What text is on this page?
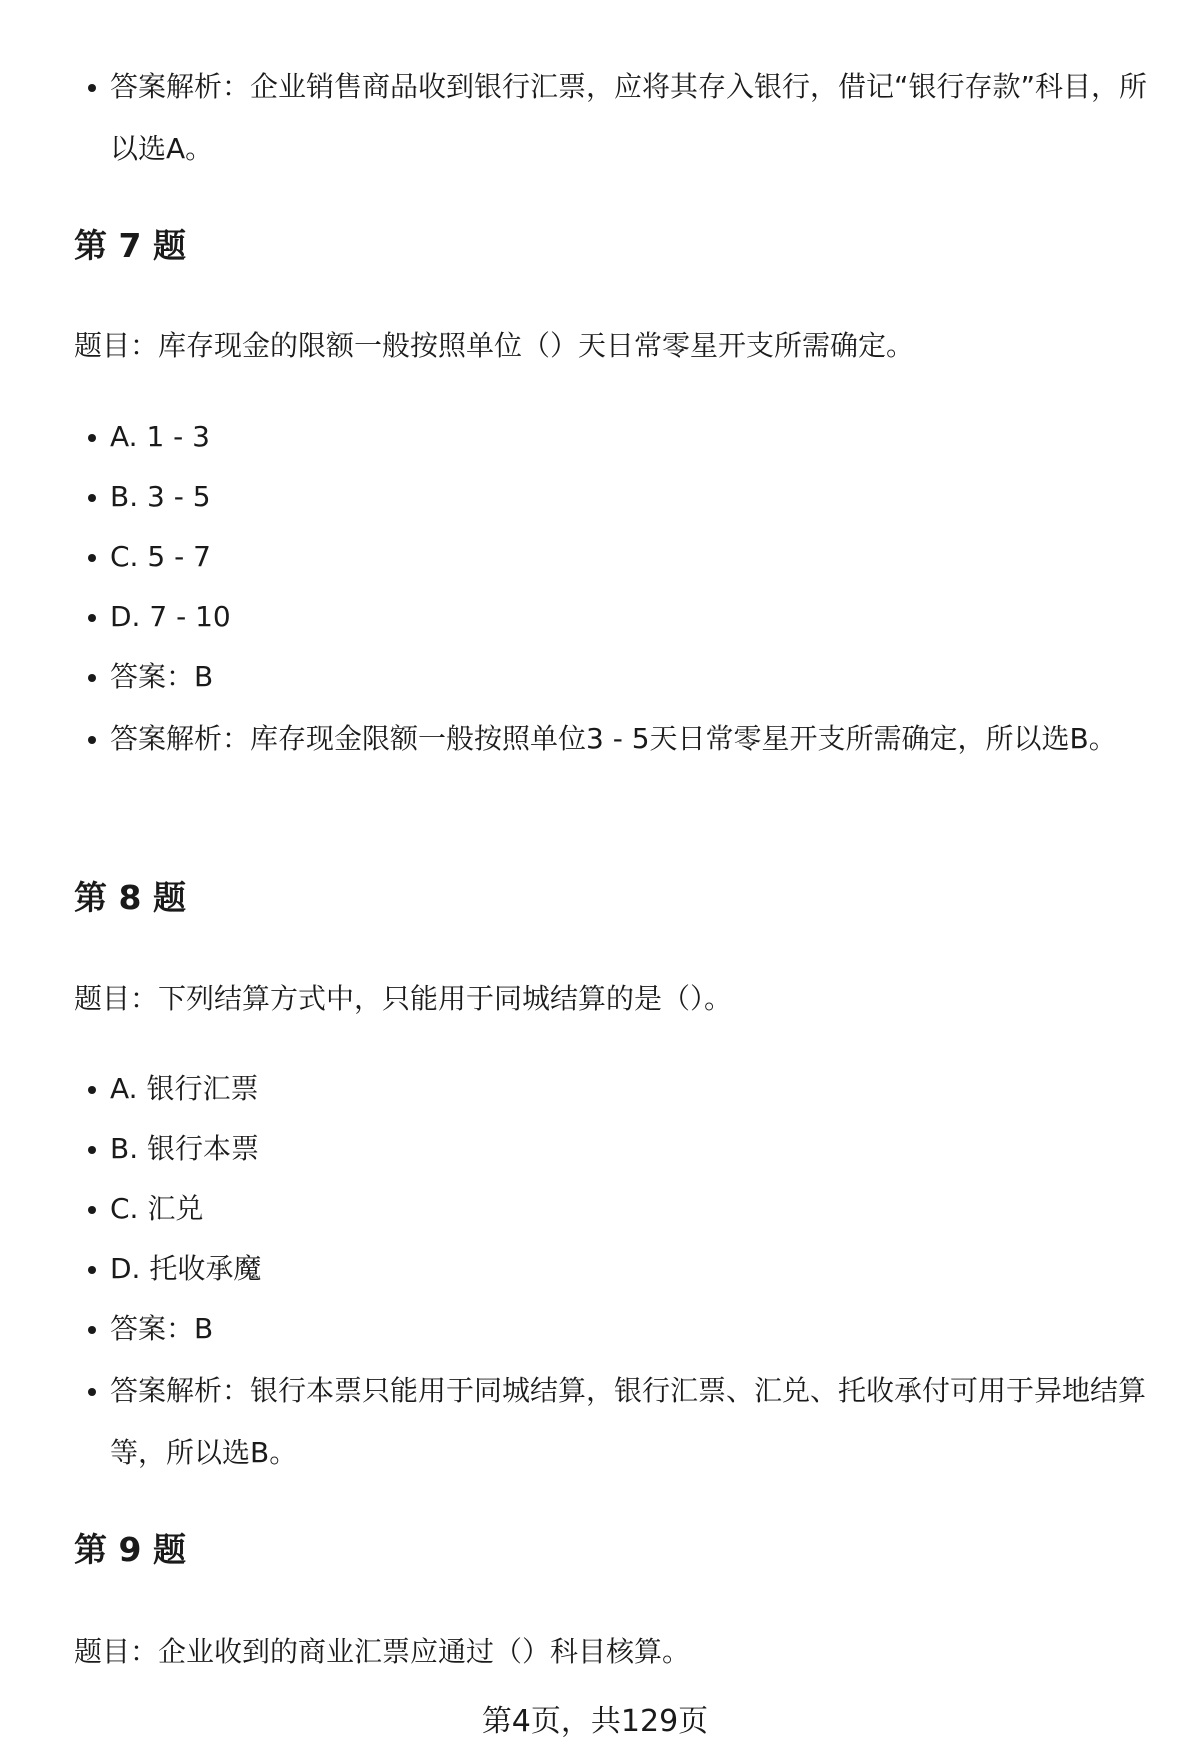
答案解析：企业销售商品收到银行汇票，应将其存入银行，借记“银行存款”科目，所以选A。
第 7 题
题目：库存现金的限额一般按照单位（）天日常零星开支所需确定。
A. 1 - 3
B. 3 - 5
C. 5 - 7
D. 7 - 10
答案：B
答案解析：库存现金限额一般按照单位3 - 5天日常零星开支所需确定，所以选B。
第 8 题
题目：下列结算方式中，只能用于同城结算的是（）。
A. 银行汇票
B. 银行本票
C. 汇兑
D. 托收承魔
答案：B
答案解析：银行本票只能用于同城结算，银行汇票、汇兑、托收承付可用于异地结算等，所以选B。
第 9 题
题目：企业收到的商业汇票应通过（）科目核算。
第4页，共129页
